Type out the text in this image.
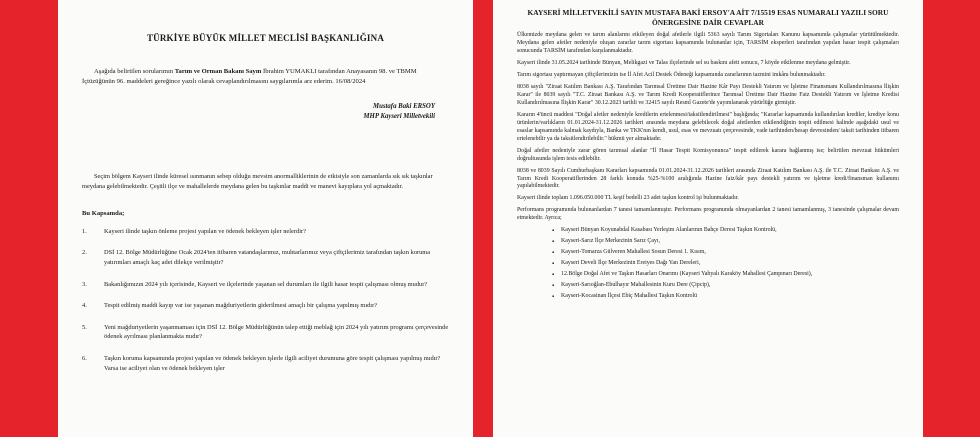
TÜRKİYE BÜYÜK MİLLET MECLİSİ BAŞKANLIĞINA

Aşağıda belirtilen sorularımın Tarım ve Orman Bakanı Sayın İbrahim YUMAKLI tarafından Anayasanın 98. ve TBMM İçtüzüğünün 96. maddeleri gereğince yazılı olarak cevaplandırılmasını saygılarımla arz ederim. 16/08/2024

Mustafa Baki ERSOY
MHP Kayseri Milletvekili

Seçim bölgem Kayseri ilinde küresel ısınmanın sebep olduğu mevsim anormalliklerinin de etkisiyle son zamanlarda sık sık taşkınlar meydana gelebilmektedir. Çeşitli ilçe ve mahallelerde meydana gelen bu taşkınlar maddi ve manevi kayıplara yol açmaktadır.

Bu Kapsamda;

1.	Kayseri ilinde taşkın önleme projesi yapılan ve ödenek bekleyen işler nelerdir?
2.	DSİ 12. Bölge Müdürlüğüne Ocak 2024'ten itibaren vatandaşlarımız, muhtarlarımız veya çiftçilerimiz tarafından taşkın koruma yatırımları amaçlı kaç adet dilekçe verilmiştir?
3.	Bakanlığımızın 2024 yılı içerisinde, Kayseri ve ilçelerinde yaşanan sel durumları ile ilgili hasar tespit çalışması olmuş mudur?
4.	Tespit edilmiş maddi kayıp var ise yaşanan mağduriyetlerin giderilmesi amaçlı bir çalışma yapılmış mıdır?
5.	Yeni mağduriyetlerin yaşanmaması için DSİ 12. Bölge Müdürlüğünün talep ettiği meblağ için 2024 yılı yatırım programı çerçevesinde ödenek ayrılması planlanmakta mıdır?
6.	Taşkın koruma kapsamında projesi yapılan ve ödenek bekleyen işlerle ilgili aciliyet durumuna göre tespit çalışması yapılmış mıdır? Varsa ise aciliyet olan ve ödenek bekleyen işler

KAYSERİ MİLLETVEKİLİ SAYIN MUSTAFA BAKİ ERSOY'A AİT 7/15519 ESAS NUMARALI YAZILI SORU ÖNERGESİNE DAİR CEVAPLAR

Ülkemizde meydana gelen ve tarım alanlarını etkileyen doğal afetlerle ilgili 5363 sayılı Tarım Sigortaları Kanunu kapsamında çalışmalar yürütülmektedir. Meydana gelen afetler nedeniyle oluşan zararlar tarım sigortası kapsamında bulunanlar için, TARSİM eksperleri tarafından yapılan hasar tespit çalışmaları sonucunda TARSİM tarafından karşılanmaktadır.

Kayseri ilinde 31.05.2024 tarihinde Bünyan, Melikgazi ve Talas ilçelerinde sel su baskını afeti sonucu, 7 köyde etkilenme meydana gelmiştir.

Tarım sigortası yaptırmayan çiftçilerimizin ise İl Afet Acil Destek Ödeneği kapsamında zararlarının tazmini imkânı bulunmaktadır.

8038 sayılı "Ziraat Katılım Bankası A.Ş. Tarafından Tarımsal Üretime Dair Hazine Kâr Payı Destekli Yatırım ve İşletme Finansmanı Kullandırılmasına İlişkin Karar" ile 8039 sayılı "T.C. Ziraat Bankası A.Ş. ve Tarım Kredi Kooperatiflerince Tarımsal Üretime Dair Hazine Faiz Destekli Yatırım ve İşletme Kredisi Kullandırılmasına İlişkin Karar" 30.12.2023 tarihli ve 32415 sayılı Resmî Gazete'de yayımlanarak yürürlüğe girmiştir.

Kararın 4'üncü maddesi "Doğal afetler nedeniyle kredilerin ertelenmesi/taksitlendirilmesi" başlığında; "Kararlar kapsamında kullandırılan krediler, krediye konu ürünlerin/varlıkların 01.01.2024-31.12.2026 tarihleri arasında meydana gelebilecek doğal afetlerden etkilendiğinin tespit edilmesi halinde aşağıdaki usul ve esaslar kapsamında kalmak kaydıyla, Banka ve TKK'nın kendi, usul, esas ve mevzuatı çerçevesinde, vade tarihinden/hesap devresinden/ taksit tarihinden itibaren ertelenebilir ya da taksitlendirilebilir." hükmü yer almaktadır.

Doğal afetler nedeniyle zarar gören tarımsal alanlar "İl Hasar Tespit Komisyonunca" tespit edilerek karara bağlanmış ise; belirtilen mevzuat hükümleri doğrultusunda işlem tesis edilebilir.

8038 ve 8039 Sayılı Cumhurbaşkanı Kararları kapsamında 01.01.2024-31.12.2026 tarihleri arasında Ziraat Katılım Bankası A.Ş. ile T.C. Ziraat Bankası A.Ş. ve Tarım Kredi Kooperatiflerinden 28 farklı konuda %25-%100 aralığında Hazine faiz/kâr payı destekli yatırım ve işletme kredi/finansman kullanımı yapılabilmektedir.

Kayseri ilinde toplam 1.096.050.000 TL keşif bedelli 23 adet taşkın kontrol işi bulunmaktadır.

Performans programında bulunanlardan 7 tanesi tamamlanmıştır. Performans programında olmayanlardan 2 tanesi tamamlanmış, 3 tanesinde çalışmalar devam etmektedir. Ayrıca;

▪ Kayseri Bünyan Koyunabdal Kasabası Yerleşim Alanlarının Bahçe Deresi Taşkın Kontrolü,
▪ Kayseri-Sarız İlçe Merkezinin Sarız Çayı,
▪ Kayseri-Tomarza Gülveren Mahallesi Sosun Deresi 1. Kısım,
▪ Kayseri Develi İlçe Merkezinin Ereiyes Dağı Yan Dereleri,
▪ 12.Bölge Doğal Afet ve Taşkın Hasarları Onarımı (Kayseri Yahyalı Karaköy Mahallesi Çampınarı Deresi),
▪ Kayseri-Sarıoğlan-Ebulhayır Mahallesinin Kuru Dere (Çipcip),
▪ Kayseri-Kocasinan İlçesi Ebiç Mahallesi Taşkın Kontrolü
